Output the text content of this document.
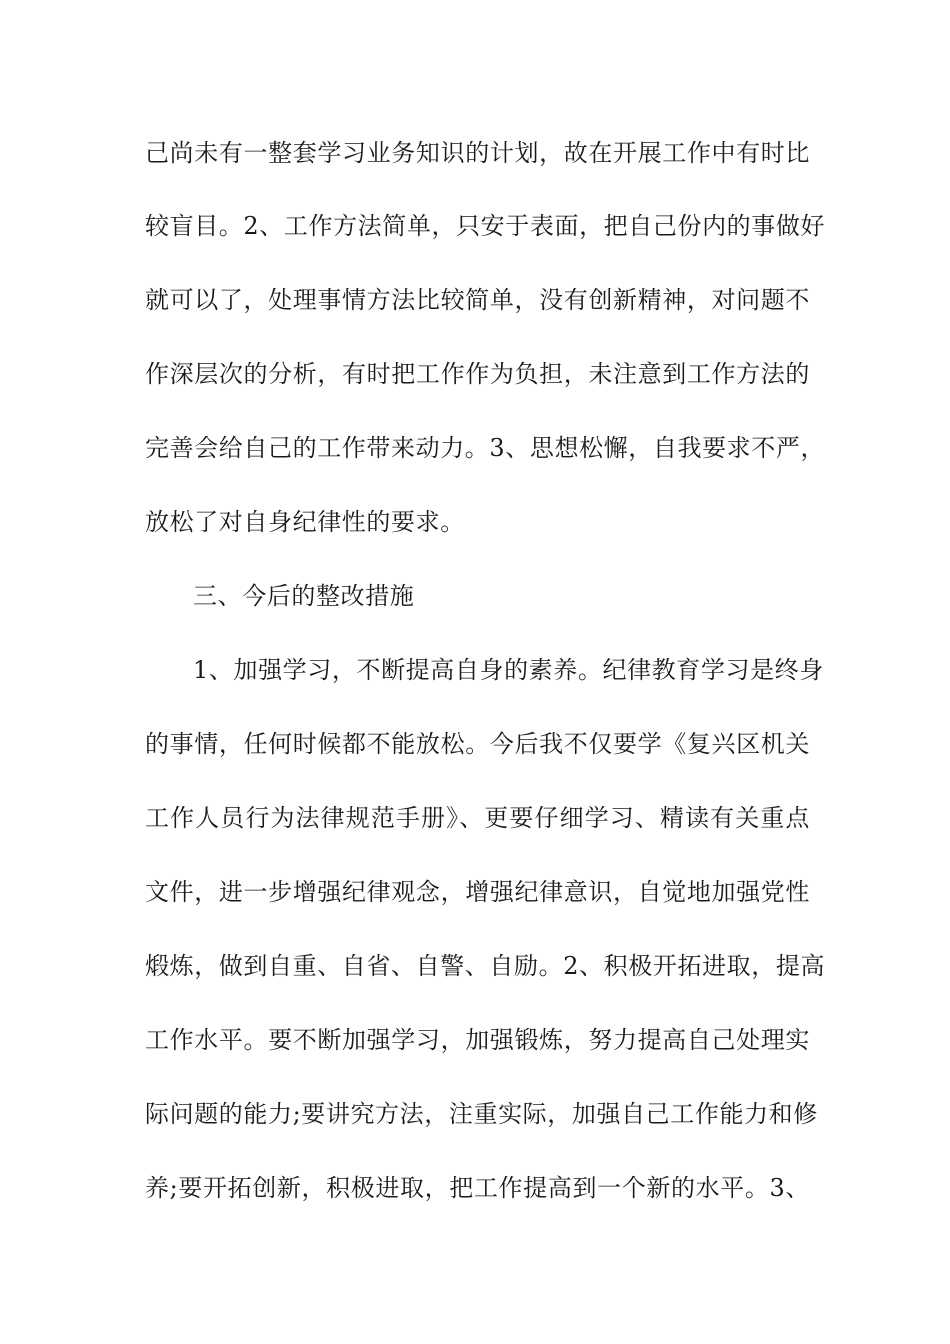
己尚未有一整套学习业务知识的计划，故在开展工作中有时比
较盲目。2、工作方法简单，只安于表面，把自己份内的事做好
就可以了，处理事情方法比较简单，没有创新精神，对问题不
作深层次的分析，有时把工作作为负担，未注意到工作方法的
完善会给自己的工作带来动力。3、思想松懈，自我要求不严，
放松了对自身纪律性的要求。
三、今后的整改措施
1、加强学习，不断提高自身的素养。纪律教育学习是终身
的事情，任何时候都不能放松。今后我不仅要学《复兴区机关
工作人员行为法律规范手册》、更要仔细学习、精读有关重点
文件，进一步增强纪律观念，增强纪律意识，自觉地加强党性
煅炼，做到自重、自省、自警、自励。2、积极开拓进取，提高
工作水平。要不断加强学习，加强锻炼，努力提高自己处理实
际问题的能力;要讲究方法，注重实际，加强自己工作能力和修
养;要开拓创新，积极进取，把工作提高到一个新的水平。3、
